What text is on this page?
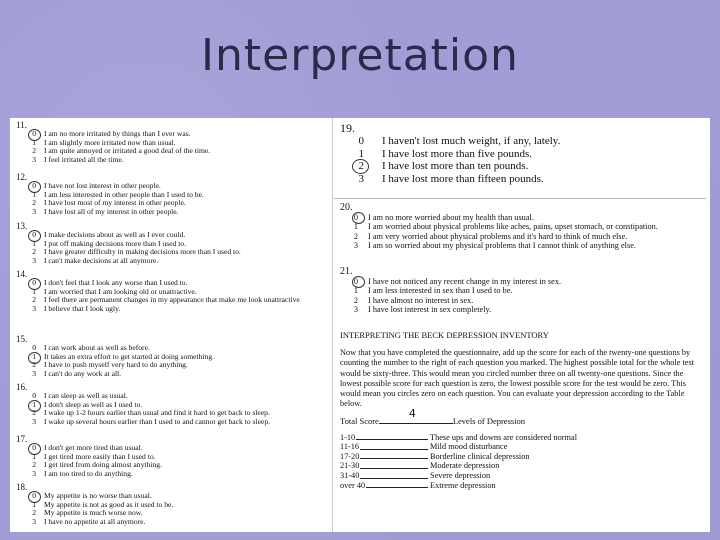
Interpretation
11.
0	I am no more irritated by things than I ever was.
1	I am slightly more irritated now than usual.
2	I am quite annoyed or irritated a good deal of the time.
3	I feel irritated all the time.
12.
0	I have not lost interest in other people.
1	I am less interested in other people than I used to be.
2	I have lost most of my interest in other people.
3	I have lost all of my interest in other people.
13.
0	I make decisions about as well as I ever could.
1	I put off making decisions more than I used to.
2	I have greater difficulty in making decisions more than I used to.
3	I can't make decisions at all anymore.
14.
0	I don't feel that I look any worse than I used to.
1	I am worried that I am looking old or unattractive.
2	I feel there are permanent changes in my appearance that make me look unattractive
3	I believe that I look ugly.
15.
0	I can work about as well as before.
1	It takes an extra effort to get started at doing something.
2	I have to push myself very hard to do anything.
3	I can't do any work at all.
16.
0	I can sleep as well as usual.
1	I don't sleep as well as I used to.
2	I wake up 1-2 hours earlier than usual and find it hard to get back to sleep.
3	I wake up several hours earlier than I used to and cannot get back to sleep.
17.
0	I don't get more tired than usual.
1	I get tired more easily than I used to.
2	I get tired from doing almost anything.
3	I am too tired to do anything.
18.
0	My appetite is no worse than usual.
1	My appetite is not as good as it used to be.
2	My appetite is much worse now.
3	I have no appetite at all anymore.
19.
0	I haven't lost much weight, if any, lately.
1	I have lost more than five pounds.
2	I have lost more than ten pounds.
3	I have lost more than fifteen pounds.
20.
0	I am no more worried about my health than usual.
1	I am worried about physical problems like aches, pains, upset stomach, or constipation.
2	I am very worried about physical problems and it's hard to think of much else.
3	I am so worried about my physical problems that I cannot think of anything else.
21.
0	I have not noticed any recent change in my interest in sex.
1	I am less interested in sex than I used to be.
2	I have almost no interest in sex.
3	I have lost interest in sex completely.
INTERPRETING THE BECK DEPRESSION INVENTORY
Now that you have completed the questionnaire, add up the score for each of the twenty-one questions by counting the number to the right of each question you marked. The highest possible total for the whole test would be sixty-three. This would mean you circled number three on all twenty-one questions. Since the lowest possible score for each question is zero, the lowest possible score for the test would be zero. This would mean you circles zero on each question. You can evaluate your depression according to the Table below.
Total Score
4
Levels of Depression
1-10	These ups and downs are considered normal
11-16	Mild mood disturbance
17-20	Borderline clinical depression
21-30	Moderate depression
31-40	Severe depression
over 40	Extreme depression
